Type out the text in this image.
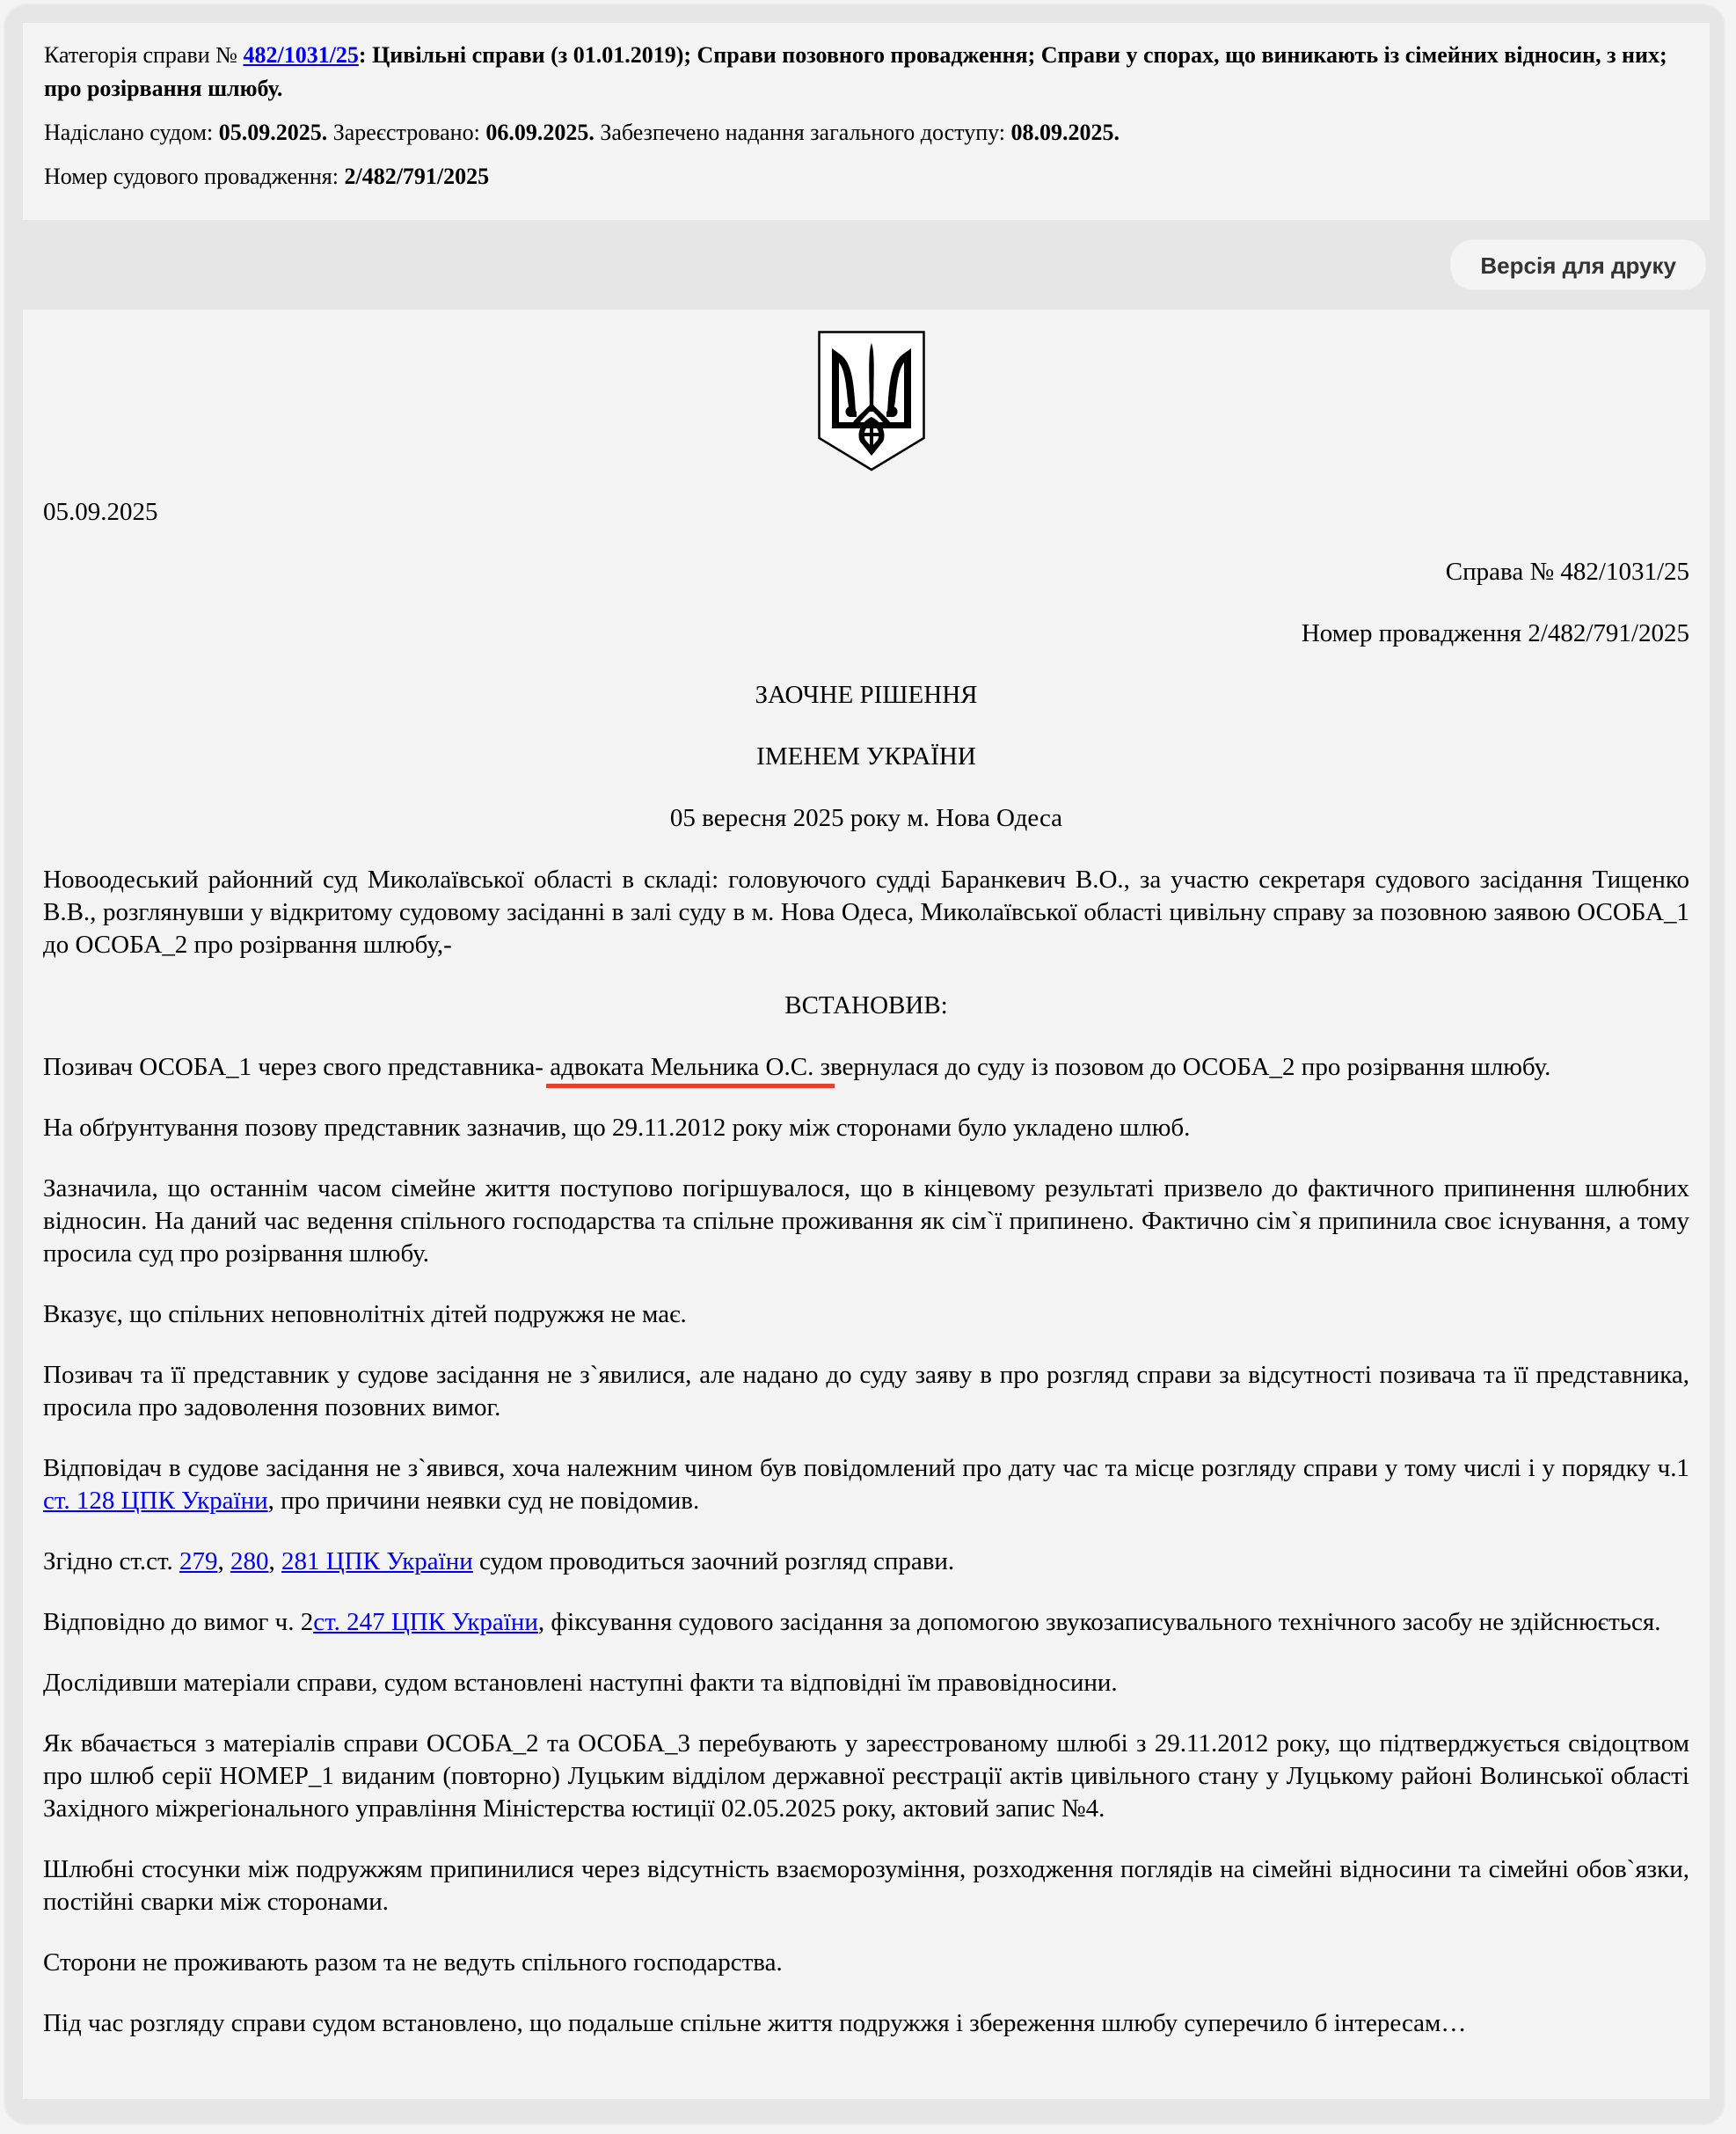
Категорія справи № 482/1031/25: Цивільні справи (з 01.01.2019); Справи позовного провадження; Справи у спорах, що виникають із сімейних відносин, з них; про розірвання шлюбу.

Надіслано судом: 05.09.2025. Зареєстровано: 06.09.2025. Забезпечено надання загального доступу: 08.09.2025.

Номер судового провадження: 2/482/791/2025

Версія для друку

05.09.2025

Справа № 482/1031/25

Номер провадження 2/482/791/2025

ЗАОЧНЕ РІШЕННЯ

ІМЕНЕМ УКРАЇНИ

05 вересня 2025 року м. Нова Одеса

Новоодеський районний суд Миколаївської області в складі: головуючого судді Баранкевич В.О., за участю секретаря судового засідання Тищенко В.В., розглянувши у відкритому судовому засіданні в залі суду в м. Нова Одеса, Миколаївської області цивільну справу за позовною заявою ОСОБА_1 до ОСОБА_2 про розірвання шлюбу,-

ВСТАНОВИВ:

Позивач ОСОБА_1 через свого представника- адвоката Мельника О.С. звернулася до суду із позовом до ОСОБА_2 про розірвання шлюбу.

На обґрунтування позову представник зазначив, що 29.11.2012 року між сторонами було укладено шлюб.

Зазначила, що останнім часом сімейне життя поступово погіршувалося, що в кінцевому результаті призвело до фактичного припинення шлюбних відносин. На даний час ведення спільного господарства та спільне проживання як сім`ї припинено. Фактично сім`я припинила своє існування, а тому просила суд про розірвання шлюбу.

Вказує, що спільних неповнолітніх дітей подружжя не має.

Позивач та її представник у судове засідання не з`явилися, але надано до суду заяву в про розгляд справи за відсутності позивача та її представника, просила про задоволення позовних вимог.

Відповідач в судове засідання не з`явився, хоча належним чином був повідомлений про дату час та місце розгляду справи у тому числі і у порядку ч.1 ст. 128 ЦПК України, про причини неявки суд не повідомив.

Згідно ст.ст. 279, 280, 281 ЦПК України судом проводиться заочний розгляд справи.

Відповідно до вимог ч. 2ст. 247 ЦПК України, фіксування судового засідання за допомогою звукозаписувального технічного засобу не здійснюється.

Дослідивши матеріали справи, судом встановлені наступні факти та відповідні їм правовідносини.

Як вбачається з матеріалів справи ОСОБА_2 та ОСОБА_3 перебувають у зареєстрованому шлюбі з 29.11.2012 року, що підтверджується свідоцтвом про шлюб серії НОМЕР_1 виданим (повторно) Луцьким відділом державної реєстрації актів цивільного стану у Луцькому районі Волинської області Західного міжрегіонального управління Міністерства юстиції 02.05.2025 року, актовий запис №4.

Шлюбні стосунки між подружжям припинилися через відсутність взаєморозуміння, розходження поглядів на сімейні відносини та сімейні обов`язки, постійні сварки між сторонами.

Сторони не проживають разом та не ведуть спільного господарства.

Під час розгляду справи судом встановлено, що подальше спільне життя подружжя і збереження шлюбу суперечило б інтересам…
